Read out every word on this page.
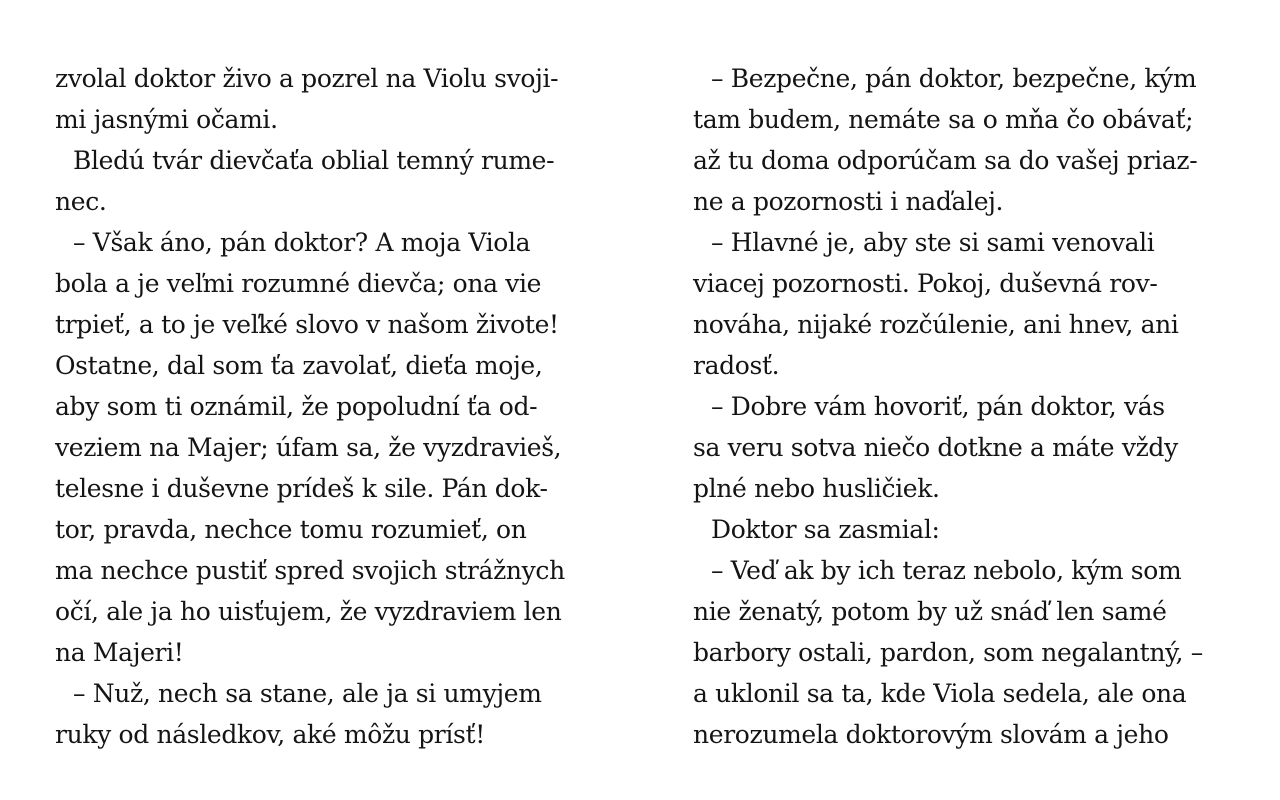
zvolal doktor živo a pozrel na Violu svoji-
mi jasnými očami.
Bledú tvár dievčaťa oblial temný rume-
nec.
– Však áno, pán doktor? A moja Viola
bola a je veľmi rozumné dievča; ona vie
trpieť, a to je veľké slovo v našom živote!
Ostatne, dal som ťa zavolať, dieťa moje,
aby som ti oznámil, že popoludní ťa od-
veziem na Majer; úfam sa, že vyzdravieš,
telesne i duševne prídeš k sile. Pán dok-
tor, pravda, nechce tomu rozumieť, on
ma nechce pustiť spred svojich strážnych
očí, ale ja ho uisťujem, že vyzdraviem len
na Majeri!
– Nuž, nech sa stane, ale ja si umyjem
ruky od následkov, aké môžu prísť!
– Bezpečne, pán doktor, bezpečne, kým
tam budem, nemáte sa o mňa čo obávať;
až tu doma odporúčam sa do vašej priaz-
ne a pozornosti i naďalej.
– Hlavné je, aby ste si sami venovali
viacej pozornosti. Pokoj, duševná rov-
nováha, nijaké rozčúlenie, ani hnev, ani
radosť.
– Dobre vám hovoriť, pán doktor, vás
sa veru sotva niečo dotkne a máte vždy
plné nebo husličiek.
Doktor sa zasmial:
– Veď ak by ich teraz nebolo, kým som
nie ženatý, potom by už snáď len samé
barbory ostali, pardon, som negalantný, –
a uklonil sa ta, kde Viola sedela, ale ona
nerozumela doktorovým slovám a jeho
